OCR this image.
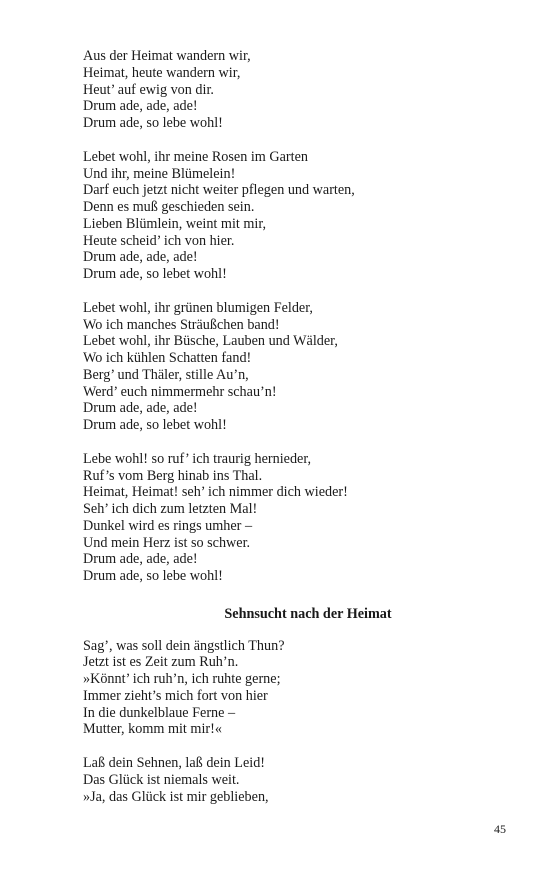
Aus der Heimat wandern wir,
Heimat, heute wandern wir,
Heut’ auf ewig von dir.
Drum ade, ade, ade!
Drum ade, so lebe wohl!
Lebet wohl, ihr meine Rosen im Garten
Und ihr, meine Blümelein!
Darf euch jetzt nicht weiter pflegen und warten,
Denn es muß geschieden sein.
Lieben Blümlein, weint mit mir,
Heute scheid’ ich von hier.
Drum ade, ade, ade!
Drum ade, so lebet wohl!
Lebet wohl, ihr grünen blumigen Felder,
Wo ich manches Sträußchen band!
Lebet wohl, ihr Büsche, Lauben und Wälder,
Wo ich kühlen Schatten fand!
Berg’ und Thäler, stille Au’n,
Werd’ euch nimmermehr schau’n!
Drum ade, ade, ade!
Drum ade, so lebet wohl!
Lebe wohl! so ruf’ ich traurig hernieder,
Ruf’s vom Berg hinab ins Thal.
Heimat, Heimat! seh’ ich nimmer dich wieder!
Seh’ ich dich zum letzten Mal!
Dunkel wird es rings umher –
Und mein Herz ist so schwer.
Drum ade, ade, ade!
Drum ade, so lebe wohl!
Sehnsucht nach der Heimat
Sag’, was soll dein ängstlich Thun?
Jetzt ist es Zeit zum Ruh’n.
»Könnt’ ich ruh’n, ich ruhte gerne;
Immer zieht’s mich fort von hier
In die dunkelblaue Ferne –
Mutter, komm mit mir!«
Laß dein Sehnen, laß dein Leid!
Das Glück ist niemals weit.
»Ja, das Glück ist mir geblieben,
45
